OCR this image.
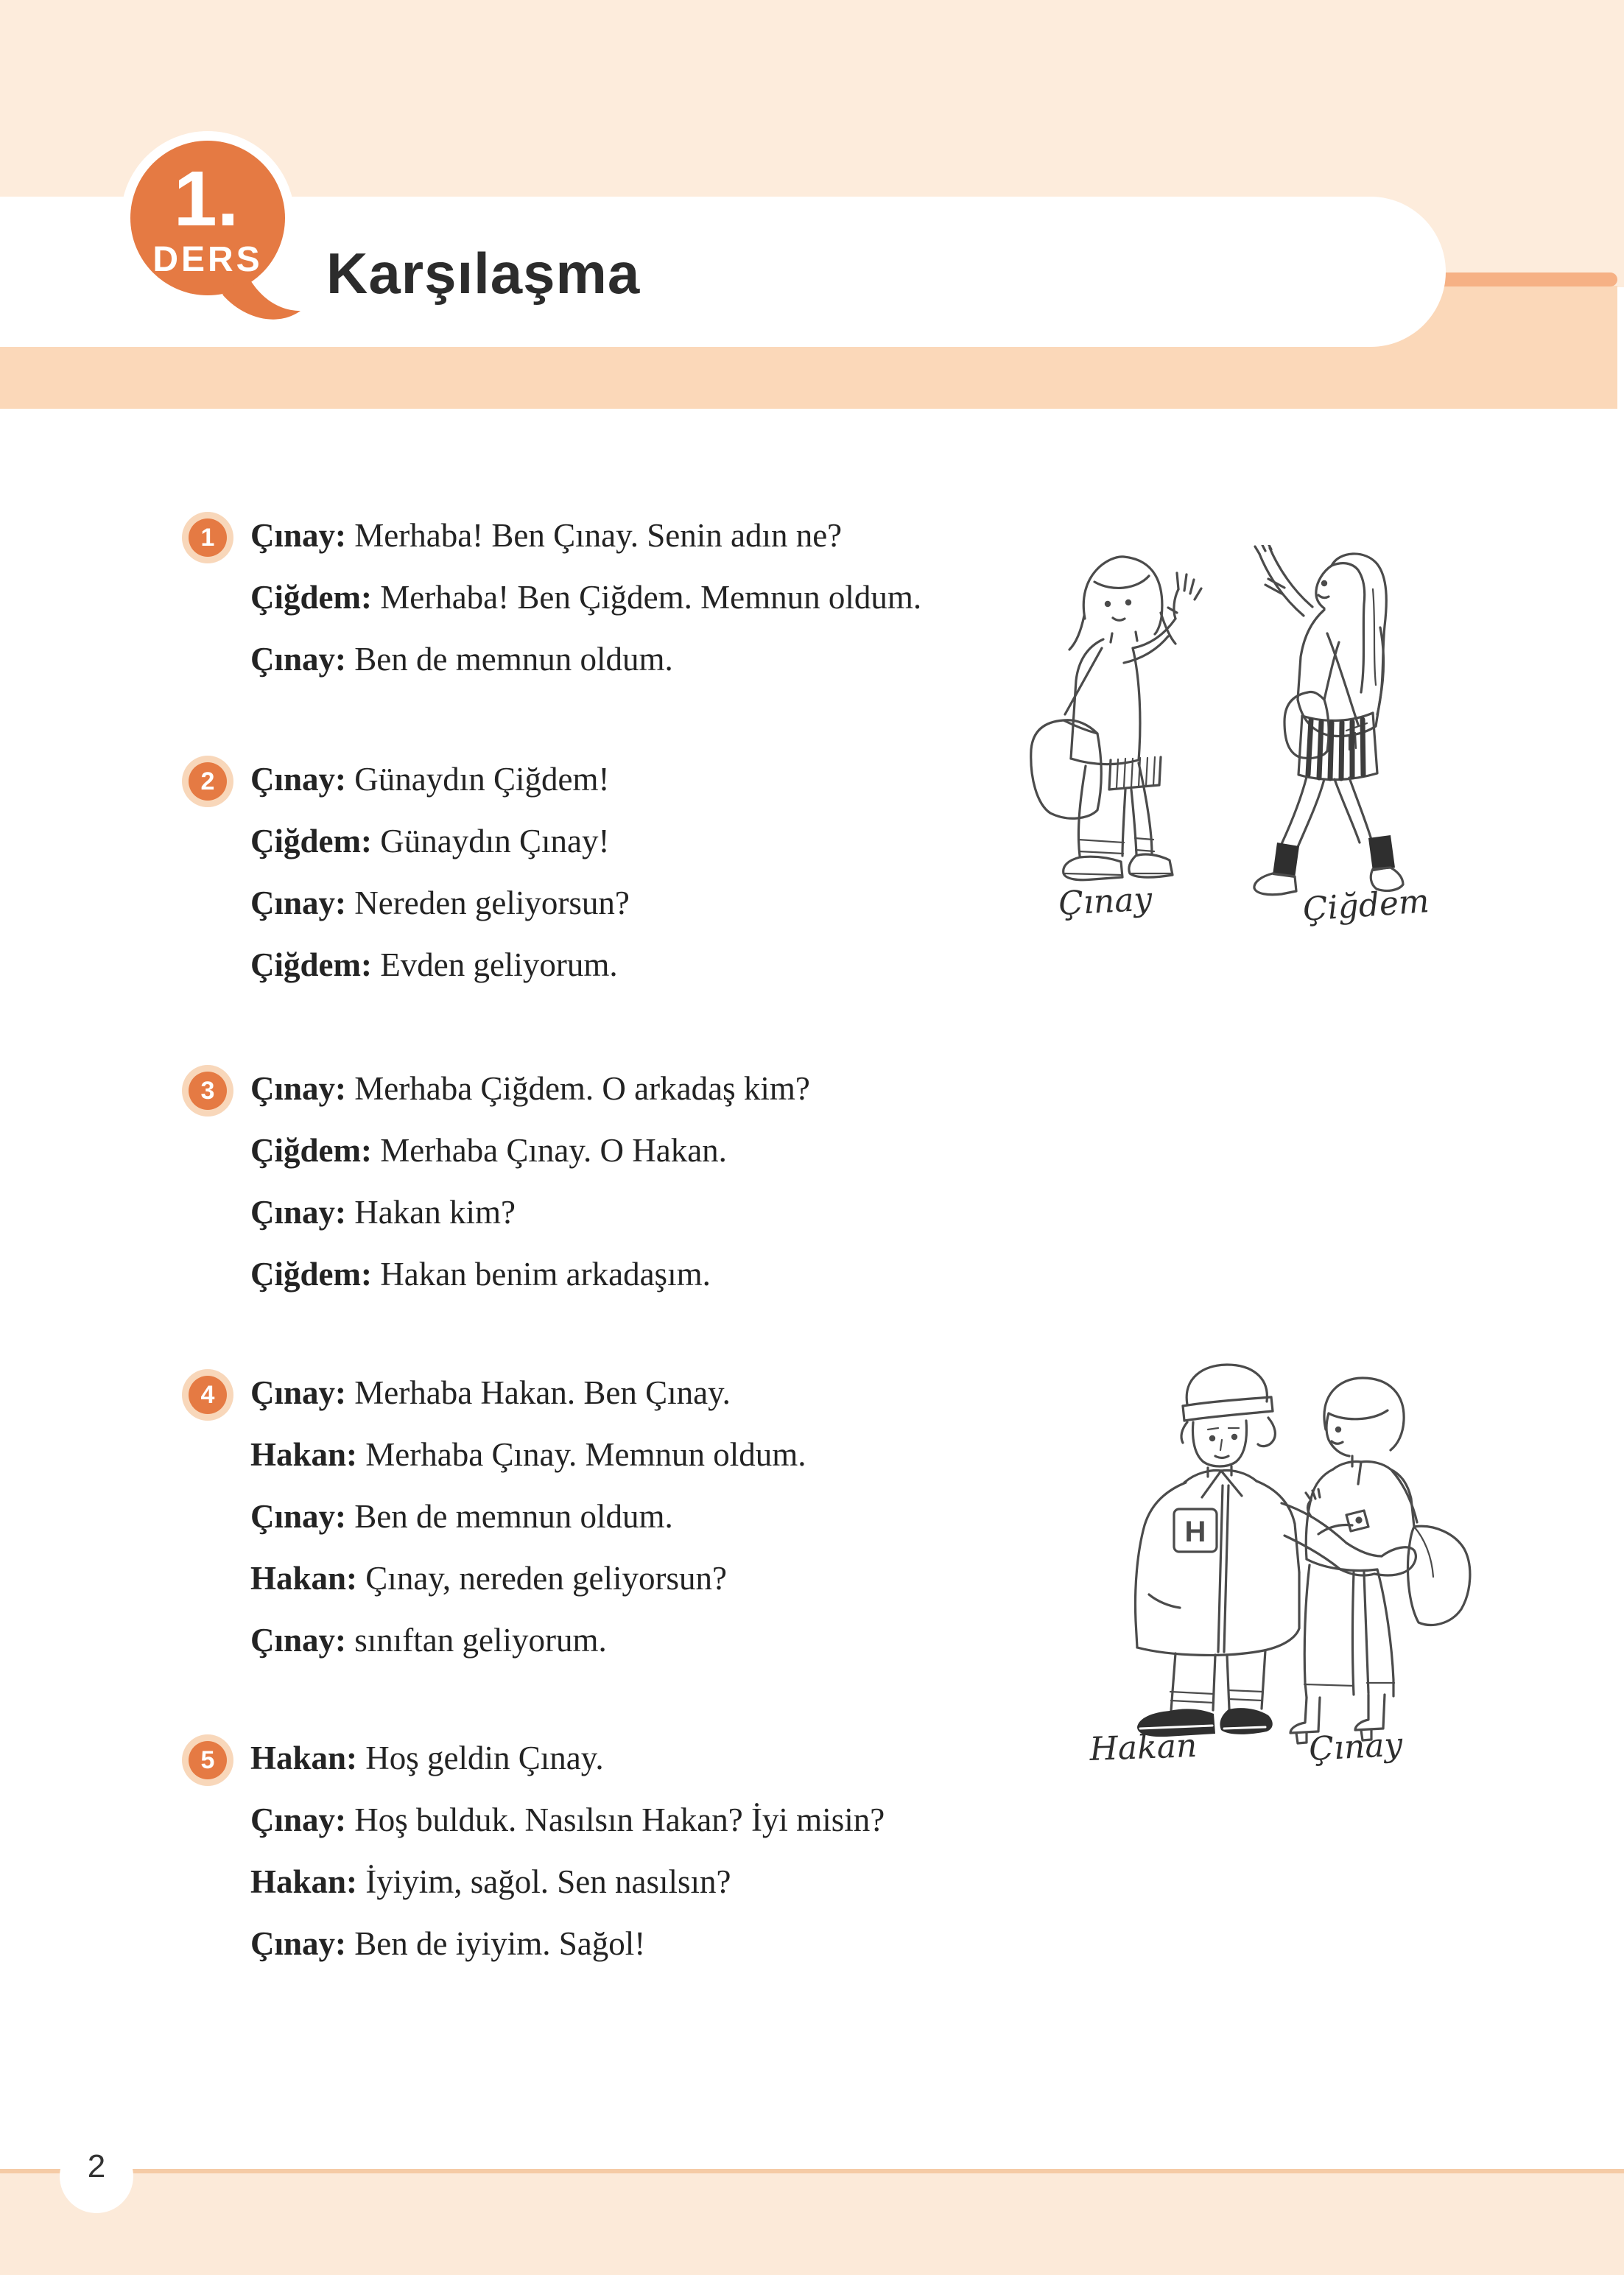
1.
DERS Karşılaşma
1	Çınay: Merhaba! Ben Çınay. Senin adın ne?
Çiğdem: Merhaba! Ben Çiğdem. Memnun oldum.
Çınay: Ben de memnun oldum.
2	Çınay: Günaydın Çiğdem!
Çiğdem: Günaydın Çınay!
Çınay: Nereden geliyorsun?
Çiğdem: Evden geliyorum.
3	Çınay: Merhaba Çiğdem. O arkadaş kim?
Çiğdem: Merhaba Çınay. O Hakan.
Çınay: Hakan kim?
Çiğdem: Hakan benim arkadaşım.
4	Çınay: Merhaba Hakan. Ben Çınay.
Hakan: Merhaba Çınay. Memnun oldum.
Çınay: Ben de memnun oldum.
Hakan: Çınay, nereden geliyorsun?
Çınay: sınıftan geliyorum.
5	Hakan: Hoş geldin Çınay.
Çınay: Hoş bulduk. Nasılsın Hakan? İyi misin?
Hakan: İyiyim, sağol. Sen nasılsın?
Çınay: Ben de iyiyim. Sağol!
Çınay	Çiğdem
H
Hakan	Çınay
2
